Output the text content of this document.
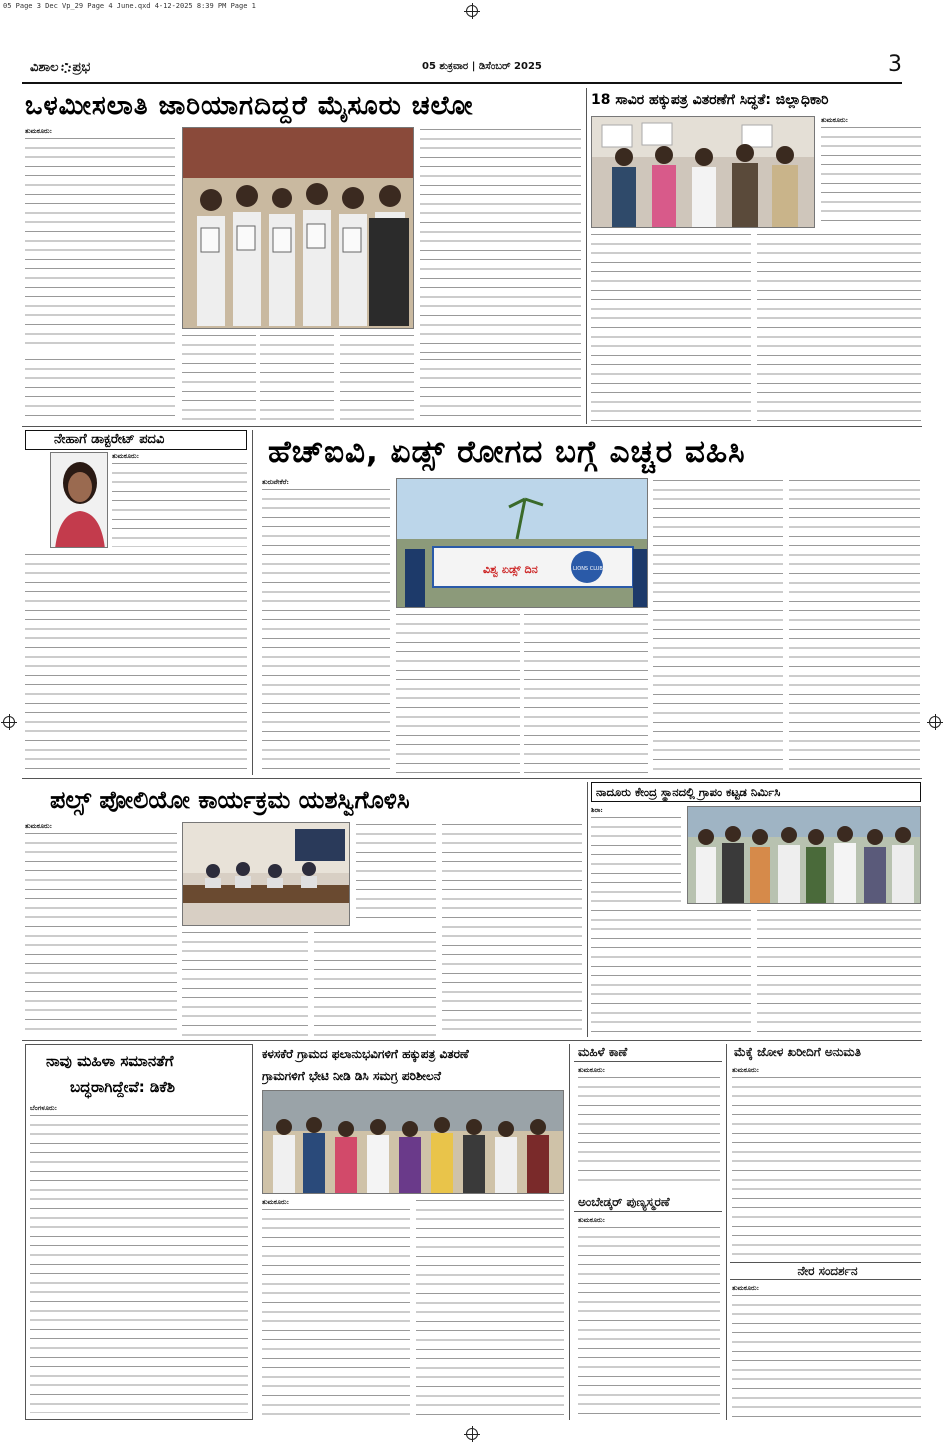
05 Page 3 Dec Vp_29 Page 4 June.qxd 4-12-2025 8:39 PM Page 1
ವಿಶಾಲ ಪ್ರಭ	05 ಶುಕ್ರವಾರ | ಡಿಸೆಂಬರ್ 2025	3
ಒಳಮೀಸಲಾತಿ ಜಾರಿಯಾಗದಿದ್ದರೆ ಮೈಸೂರು ಚಲೋ
ತುಮಕೂರು:
18 ಸಾವಿರ ಹಕ್ಕುಪತ್ರ ವಿತರಣೆಗೆ ಸಿದ್ಧತೆ: ಜಿಲ್ಲಾಧಿಕಾರಿ
ತುಮಕೂರು:
ನೇಹಾಗೆ ಡಾಕ್ಟರೇಟ್ ಪದವಿ
ತುಮಕೂರು:	ಹೆಚ್‌ಐವಿ, ಏಡ್ಸ್ ರೋಗದ ಬಗ್ಗೆ ಎಚ್ಚರ ವಹಿಸಿ
ತುರುವೇಕೆರೆ:
ವಿಶ್ವ ಏಡ್ಸ್ ದಿನ	LIONS CLUB
ಪಲ್ಸ್ ಪೋಲಿಯೋ ಕಾರ್ಯಕ್ರಮ ಯಶಸ್ವಿಗೊಳಿಸಿ
ತುಮಕೂರು:
ನಾದೂರು ಕೇಂದ್ರ ಸ್ಥಾನದಲ್ಲಿ ಗ್ರಾಪಂ ಕಟ್ಟಡ ನಿರ್ಮಿಸಿ
ಶಿರಾ:
ನಾವು ಮಹಿಳಾ ಸಮಾನತೆಗೆ
ಬದ್ಧರಾಗಿದ್ದೇವೆ: ಡಿಕೆಶಿ
ಬೆಂಗಳೂರು:
ಕಳಸಕೆರೆ ಗ್ರಾಮದ ಫಲಾನುಭವಿಗಳಿಗೆ ಹಕ್ಕುಪತ್ರ ವಿತರಣೆ
ಗ್ರಾಮಗಳಿಗೆ ಭೇಟಿ ನೀಡಿ ಡಿಸಿ ಸಮಗ್ರ ಪರಿಶೀಲನೆ
ತುಮಕೂರು:
ಮಹಿಳೆ ಕಾಣೆ
ತುಮಕೂರು:
ಅಂಬೇಡ್ಕರ್ ಪುಣ್ಯಸ್ಮರಣೆ
ತುಮಕೂರು:
ಮೆಕ್ಕೆ ಜೋಳ ಖರೀದಿಗೆ ಅನುಮತಿ
ತುಮಕೂರು:
ನೇರ ಸಂದರ್ಶನ
ತುಮಕೂರು:
